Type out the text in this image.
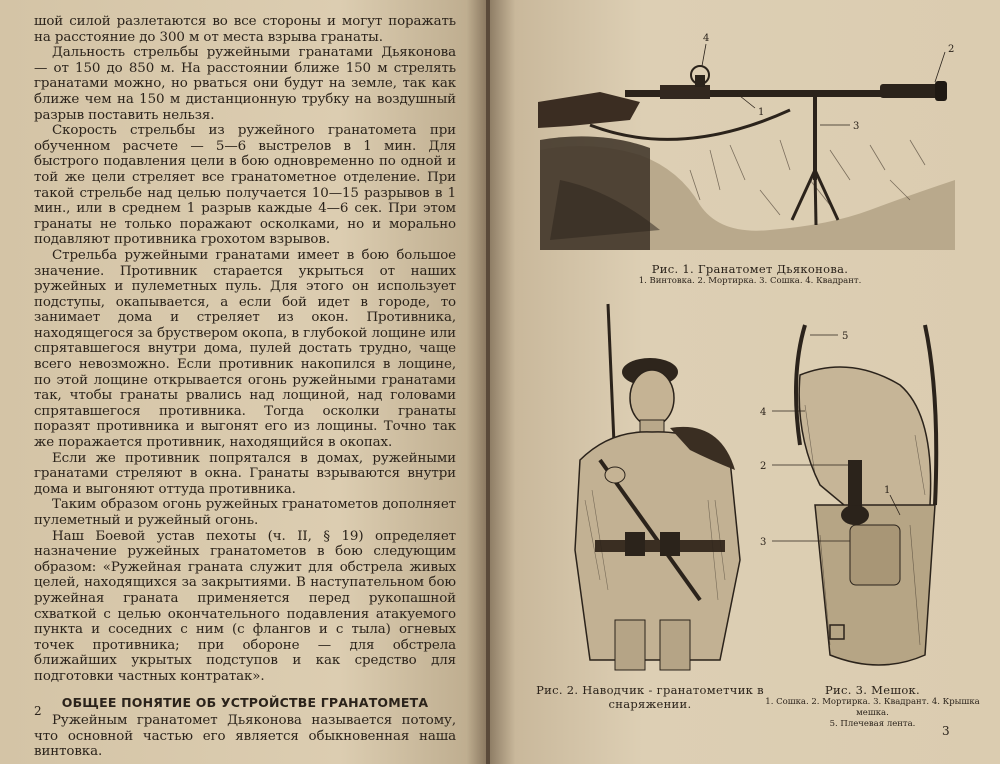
шой силой разлетаются во все стороны и могут поражать на расстояние до 300 м от места взрыва гранаты.

Дальность стрельбы ружейными гранатами Дьяконова — от 150 до 850 м. На расстоянии ближе 150 м стрелять гранатами можно, но рваться они будут на земле, так как ближе чем на 150 м дистанционную трубку на воздушный разрыв поставить нельзя.

Скорость стрельбы из ружейного гранатомета при обученном расчете — 5—6 выстрелов в 1 мин. Для быстрого подавления цели в бою одновременно по одной и той же цели стреляет все гранатометное отделение. При такой стрельбе над целью получается 10—15 разрывов в 1 мин., или в среднем 1 разрыв каждые 4—6 сек. При этом гранаты не только поражают осколками, но и морально подавляют противника грохотом взрывов.

Стрельба ружейными гранатами имеет в бою большое значение. Противник старается укрыться от наших ружейных и пулеметных пуль. Для этого он использует подступы, окапывается, а если бой идет в городе, то занимает дома и стреляет из окон. Противника, находящегося за бруствером окопа, в глубокой лощине или спрятавшегося внутри дома, пулей достать трудно, чаще всего невозможно. Если противник накопился в лощине, по этой лощине открывается огонь ружейными гранатами так, чтобы гранаты рвались над лощиной, над головами спрятавшегося противника. Тогда осколки гранаты поразят противника и выгонят его из лощины. Точно так же поражается противник, находящийся в окопах.

Если же противник попрятался в домах, ружейными гранатами стреляют в окна. Гранаты взрываются внутри дома и выгоняют оттуда противника.

Таким образом огонь ружейных гранатометов дополняет пулеметный и ружейный огонь.

Наш Боевой устав пехоты (ч. II, § 19) определяет назначение ружейных гранатометов в бою следующим образом: «Ружейная граната служит для обстрела живых целей, находящихся за закрытиями. В наступательном бою ружейная граната применяется перед рукопашной схваткой с целью окончательного подавления атакуемого пункта и соседних с ним (с флангов и с тыла) огневых точек противника; при обороне — для обстрела ближайших укрытых подступов и как средство для подготовки частных контратак».

ОБЩЕЕ ПОНЯТИЕ ОБ УСТРОЙСТВЕ ГРАНАТОМЕТА

Ружейным гранатомет Дьяконова называется потому, что основной частью его является обыкновенная наша винтовка.

2
1
2
3
4
Рис. 1. Гранатомет Дьяконова.
1. Винтовка. 2. Мортирка. 3. Сошка. 4. Квадрант.
Рис. 2. Наводчик - гранатометчик в
снаряжении.
5
4
2
3
1
Рис. 3. Мешок.
1. Сошка. 2. Мортирка. 3. Квадрант. 4. Крышка мешка.
5. Плечевая лента.	3
